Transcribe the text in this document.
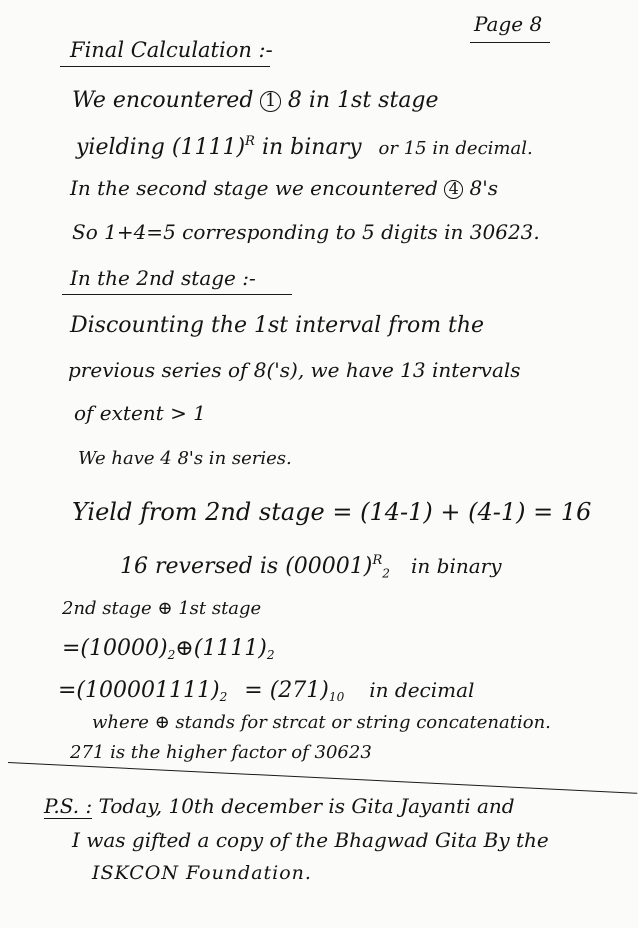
Page 8
Final Calculation :-
We encountered 1 8 in 1st stage
yielding $(1111)^R$ in binary or 15 in decimal.
In the second stage we encountered 4 8's
So 1+4=5 corresponding to 5 digits in 30623.
In the 2nd stage :-
Discounting the 1st interval from the
previous series of 8('s), we have 13 intervals
of extent > 1
We have 4 8's in series.
Yield from 2nd stage = (14-1) + (4-1) = 16
16 reversed is $(00001)^R_2$ in binary
2nd stage ⊕ 1st stage
$=(10000)_2\oplus(1111)_2$
$=(100001111)_2 = (271)_{10}$ in decimal
where ⊕ stands for strcat or string concatenation.
271 is the higher factor of 30623
P.S. : Today, 10th december is Gita Jayanti and
I was gifted a copy of the Bhagwad Gita By the
ISKCON Foundation.
